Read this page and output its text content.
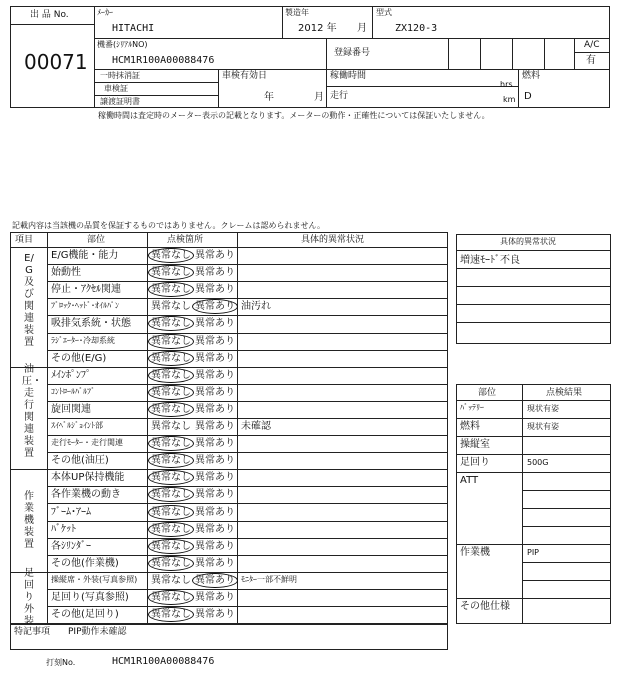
出 品 No.
00071
ﾒｰｶｰ
HITACHI
製造年
2012 年 月
型式
ZX120-3
機番(ｼﾘｱﾙNO)
HCM1R100A00088476
登録番号
A/C
有
一時抹消証
車検証
譲渡証明書
車検有効日
年	月
稼働時間
hrs
走行	km
燃料
D
稼働時間は査定時のメーター表示の記載となります。メーターの動作・正確性については保証いたしません。
記載内容は当該機の品質を保証するものではありません。クレームは認められません。
項目	部位	点検箇所	具体的異常状況
E/G機能・能力	異常なし 異常あり
始動性	異常なし 異常あり
停止・ｱｸｾﾙ関連	異常なし 異常あり
ﾌﾞﾛｯｸ･ﾍｯﾄﾞ･ｵｲﾙﾊﾟﾝ	異常なし 異常あり 油汚れ
吸排気系統・状態 異常なし 異常あり
ﾗｼﾞｴｰﾀｰ･冷却系統	異常なし 異常あり
その他(E/G)	異常なし 異常あり
E/G及び関連装置
ﾒｲﾝﾎﾟﾝﾌﾟ	異常なし 異常あり
ｺﾝﾄﾛｰﾙﾊﾞﾙﾌﾞ	異常なし 異常あり
旋回関連	異常なし 異常あり
ｽｲﾍﾞﾙｼﾞｮｲﾝﾄ部	異常なし 異常あり 未確認
走行ﾓｰﾀｰ・走行関連	異常なし 異常あり
その他(油圧)	異常なし 異常あり
油圧・走行関連装置
本体UP保持機能	異常なし 異常あり
各作業機の動き	異常なし 異常あり
ﾌﾞｰﾑ･ｱｰﾑ	異常なし 異常あり
ﾊﾞｹｯﾄ	異常なし 異常あり
各ｼﾘﾝﾀﾞｰ	異常なし 異常あり
その他(作業機)	異常なし 異常あり
作業機装置
操縦席・外装(写真参照) 異常なし 異常あり ﾓﾆﾀｰ一部不鮮明
足回り(写真参照) 異常なし 異常あり
その他(足回り)	異常なし 異常あり
足回り外装
具体的異常状況
増速ﾓｰﾄﾞ不良
部位	点検結果
ﾊﾞｯﾃﾘｰ	現状有姿
燃料	現状有姿
操縦室
足回り	500G
ATT
作業機	PIP
その他仕様
特記事項 PIP動作未確認
打刻No.	HCM1R100A00088476
